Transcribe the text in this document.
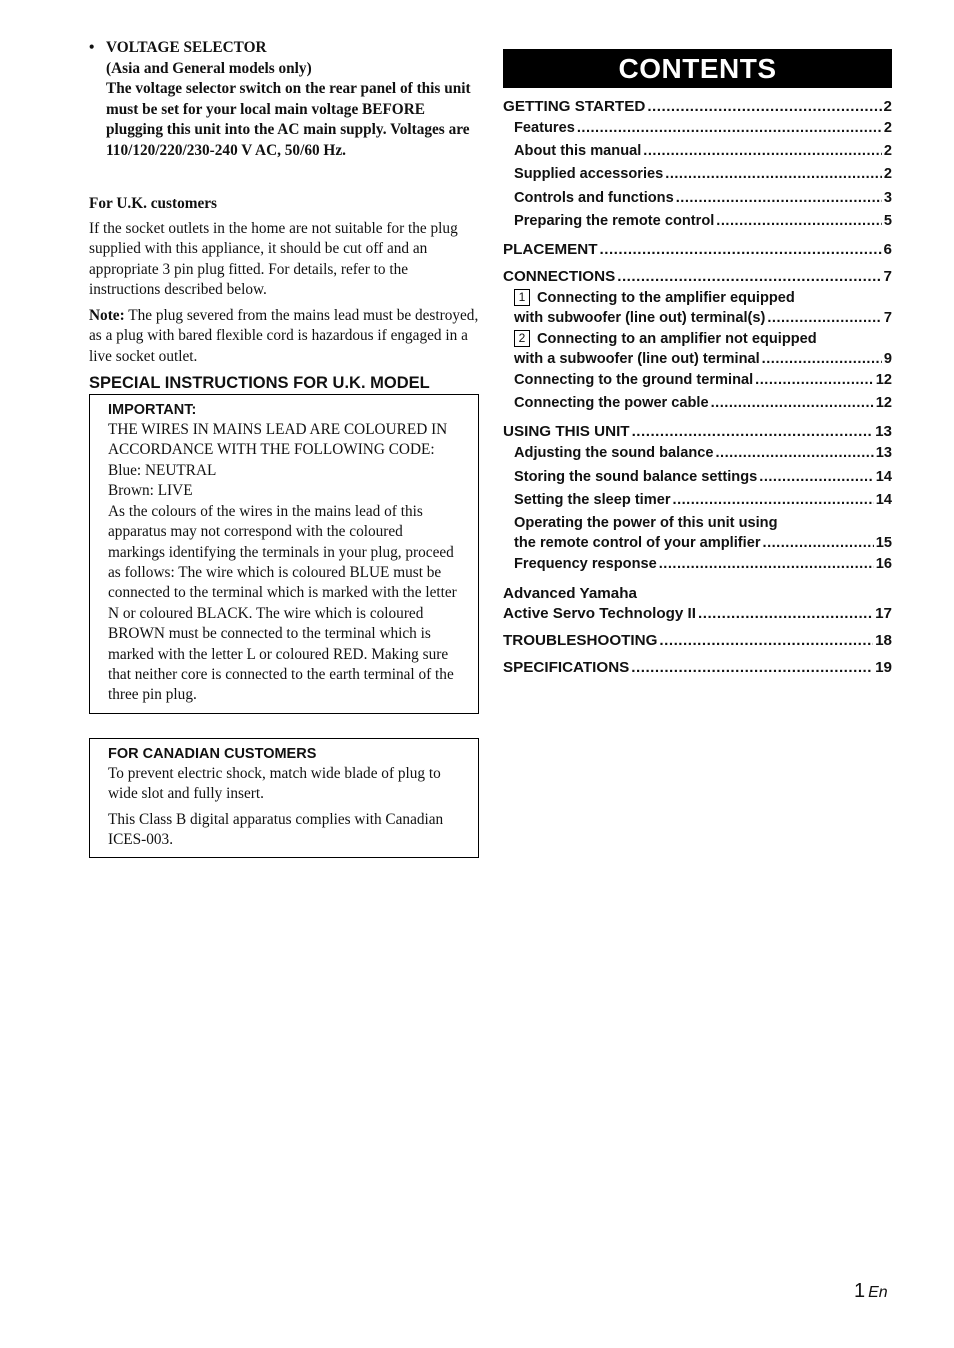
• VOLTAGE SELECTOR
(Asia and General models only)
The voltage selector switch on the rear panel of this unit must be set for your local main voltage BEFORE plugging this unit into the AC main supply. Voltages are 110/120/220/230-240 V AC, 50/60 Hz.
For U.K. customers
If the socket outlets in the home are not suitable for the plug supplied with this appliance, it should be cut off and an appropriate 3 pin plug fitted. For details, refer to the instructions described below.
Note: The plug severed from the mains lead must be destroyed, as a plug with bared flexible cord is hazardous if engaged in a live socket outlet.
SPECIAL INSTRUCTIONS FOR U.K. MODEL
IMPORTANT:
THE WIRES IN MAINS LEAD ARE COLOURED IN ACCORDANCE WITH THE FOLLOWING CODE:
Blue: NEUTRAL
Brown: LIVE
As the colours of the wires in the mains lead of this apparatus may not correspond with the coloured markings identifying the terminals in your plug, proceed as follows: The wire which is coloured BLUE must be connected to the terminal which is marked with the letter N or coloured BLACK. The wire which is coloured BROWN must be connected to the terminal which is marked with the letter L or coloured RED. Making sure that neither core is connected to the earth terminal of the three pin plug.
FOR CANADIAN CUSTOMERS
To prevent electric shock, match wide blade of plug to wide slot and fully insert.
This Class B digital apparatus complies with Canadian ICES-003.
CONTENTS
GETTING STARTED .....	2
Features .....	2
About this manual .....	2
Supplied accessories .....	2
Controls and functions .....	3
Preparing the remote control .....	5
PLACEMENT .....	6
CONNECTIONS .....	7
1 Connecting to the amplifier equipped
with subwoofer (line out) terminal(s) .....	7
2 Connecting to an amplifier not equipped
with a subwoofer (line out) terminal .....	9
Connecting to the ground terminal .....	12
Connecting the power cable .....	12
USING THIS UNIT .....	13
Adjusting the sound balance .....	13
Storing the sound balance settings .....	14
Setting the sleep timer .....	14
Operating the power of this unit using
the remote control of your amplifier .....	15
Frequency response .....	16
Advanced Yamaha
Active Servo Technology II .....	17
TROUBLESHOOTING .....	18
SPECIFICATIONS .....	19
1 En
